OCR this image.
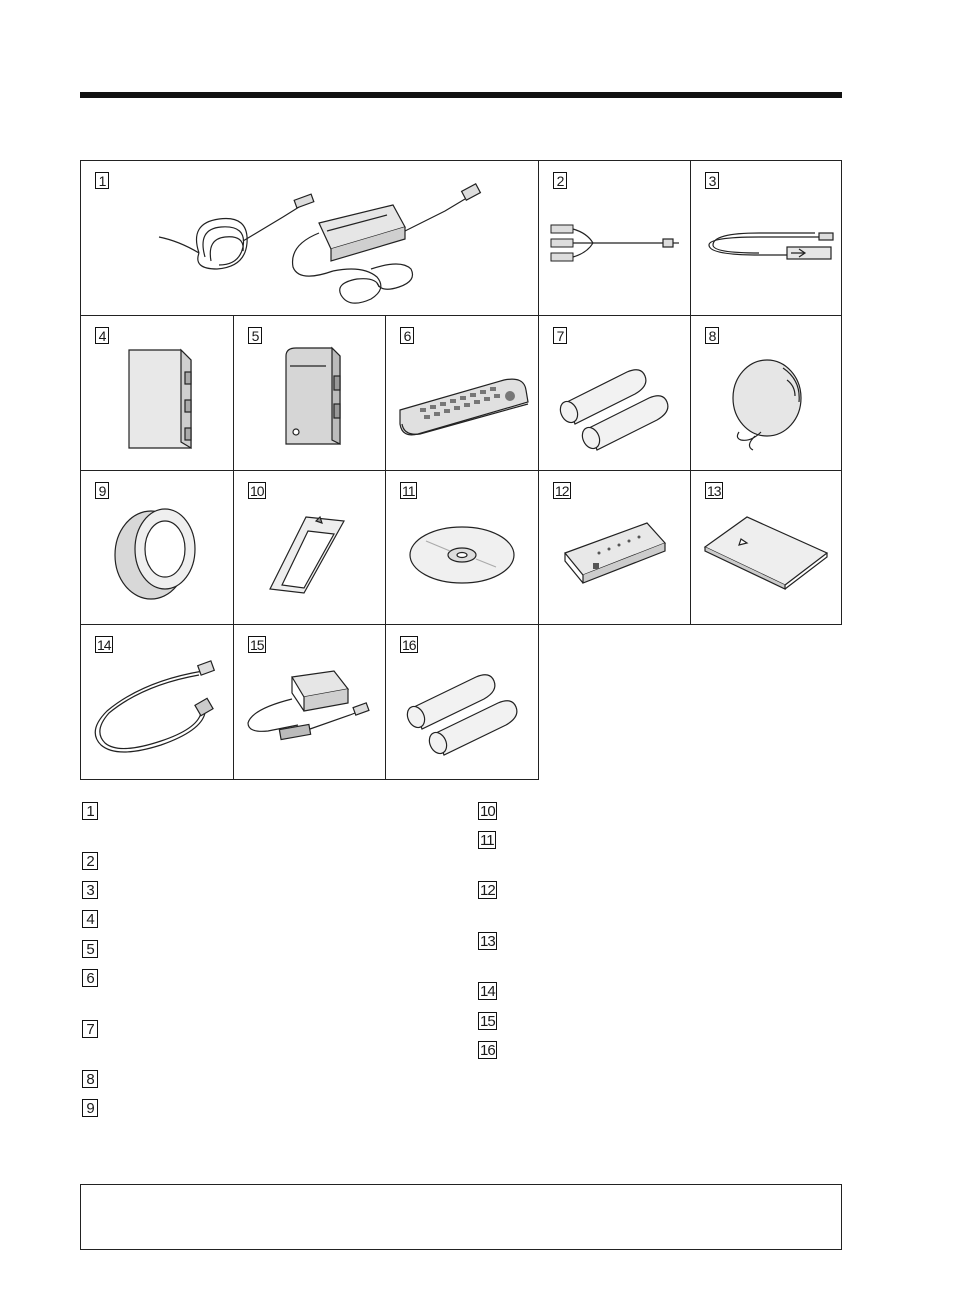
1	2	3
4	5	6	7	8
9	10	11	12	13
14	15	16
1
2
3
4
5
6
7
8
9
10
11
12
13
14
15
16
